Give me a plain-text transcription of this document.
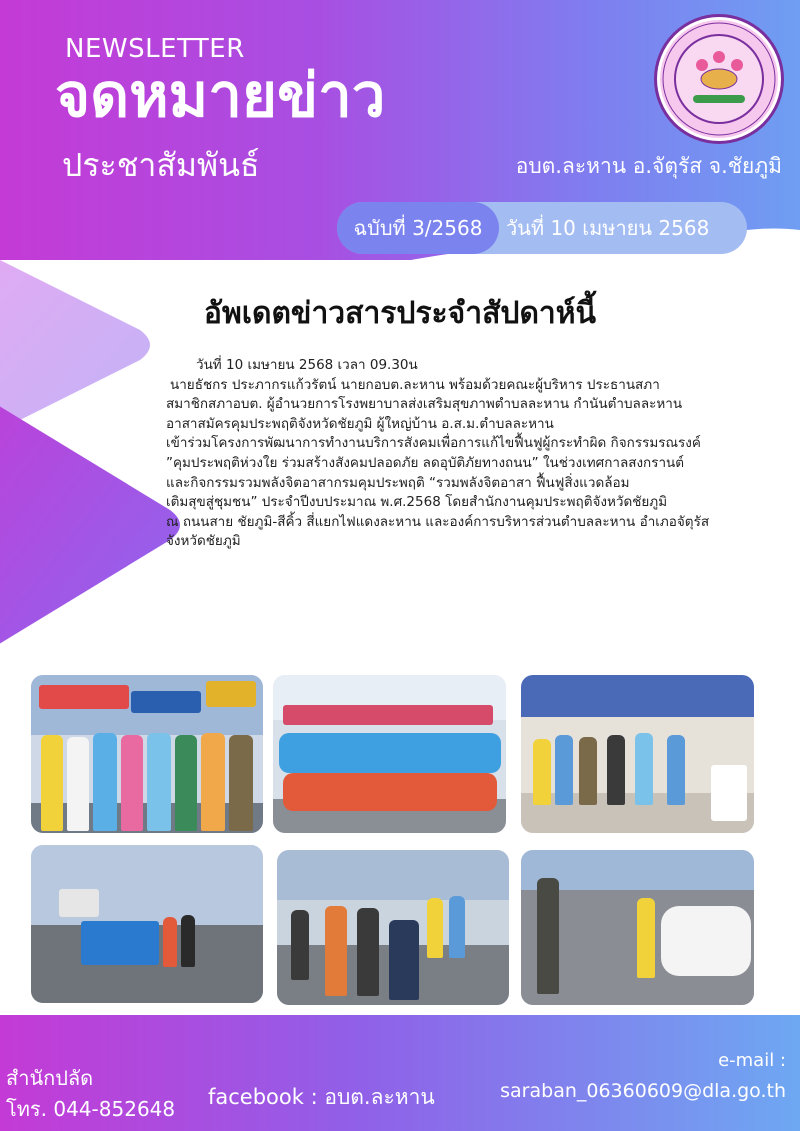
NEWSLETTER
จดหมายข่าว
ประชาสัมพันธ์	อบต.ละหาน อ.จัตุรัส จ.ชัยภูมิ
ฉบับที่ 3/2568	วันที่ 10 เมษายน 2568
อัพเดตข่าวสารประจำสัปดาห์นี้

วันที่ 10 เมษายน 2568 เวลา 09.30น

นายธัชกร ประภากรแก้วรัตน์ นายกอบต.ละหาน พร้อมด้วยคณะผู้บริหาร ประธานสภา

สมาชิกสภาอบต. ผู้อำนวยการโรงพยาบาลส่งเสริมสุขภาพตำบลละหาน กำนันตำบลละหาน

อาสาสมัครคุมประพฤติจังหวัดชัยภูมิ ผู้ใหญ่บ้าน อ.ส.ม.ตำบลละหาน

เข้าร่วมโครงการพัฒนาการทำงานบริการสังคมเพื่อการแก้ไขฟื้นฟูผู้กระทำผิด กิจกรรมรณรงค์

”คุมประพฤติห่วงใย ร่วมสร้างสังคมปลอดภัย ลดอุบัติภัยทางถนน” ในช่วงเทศกาลสงกรานต์

และกิจกรรมรวมพลังจิตอาสากรมคุมประพฤติ “รวมพลังจิตอาสา ฟื้นฟูสิ่งแวดล้อม

เติมสุขสู่ชุมชน” ประจำปีงบประมาณ พ.ศ.2568 โดยสำนักงานคุมประพฤติจังหวัดชัยภูมิ

ณ ถนนสาย ชัยภูมิ-สีคิ้ว สี่แยกไฟแดงละหาน และองค์การบริหารส่วนตำบลละหาน อำเภอจัตุรัส

จังหวัดชัยภูมิ

สำนักปลัด
โทร. 044-852648 facebook : อบต.ละหาน
e-mail :
saraban_06360609@dla.go.th
